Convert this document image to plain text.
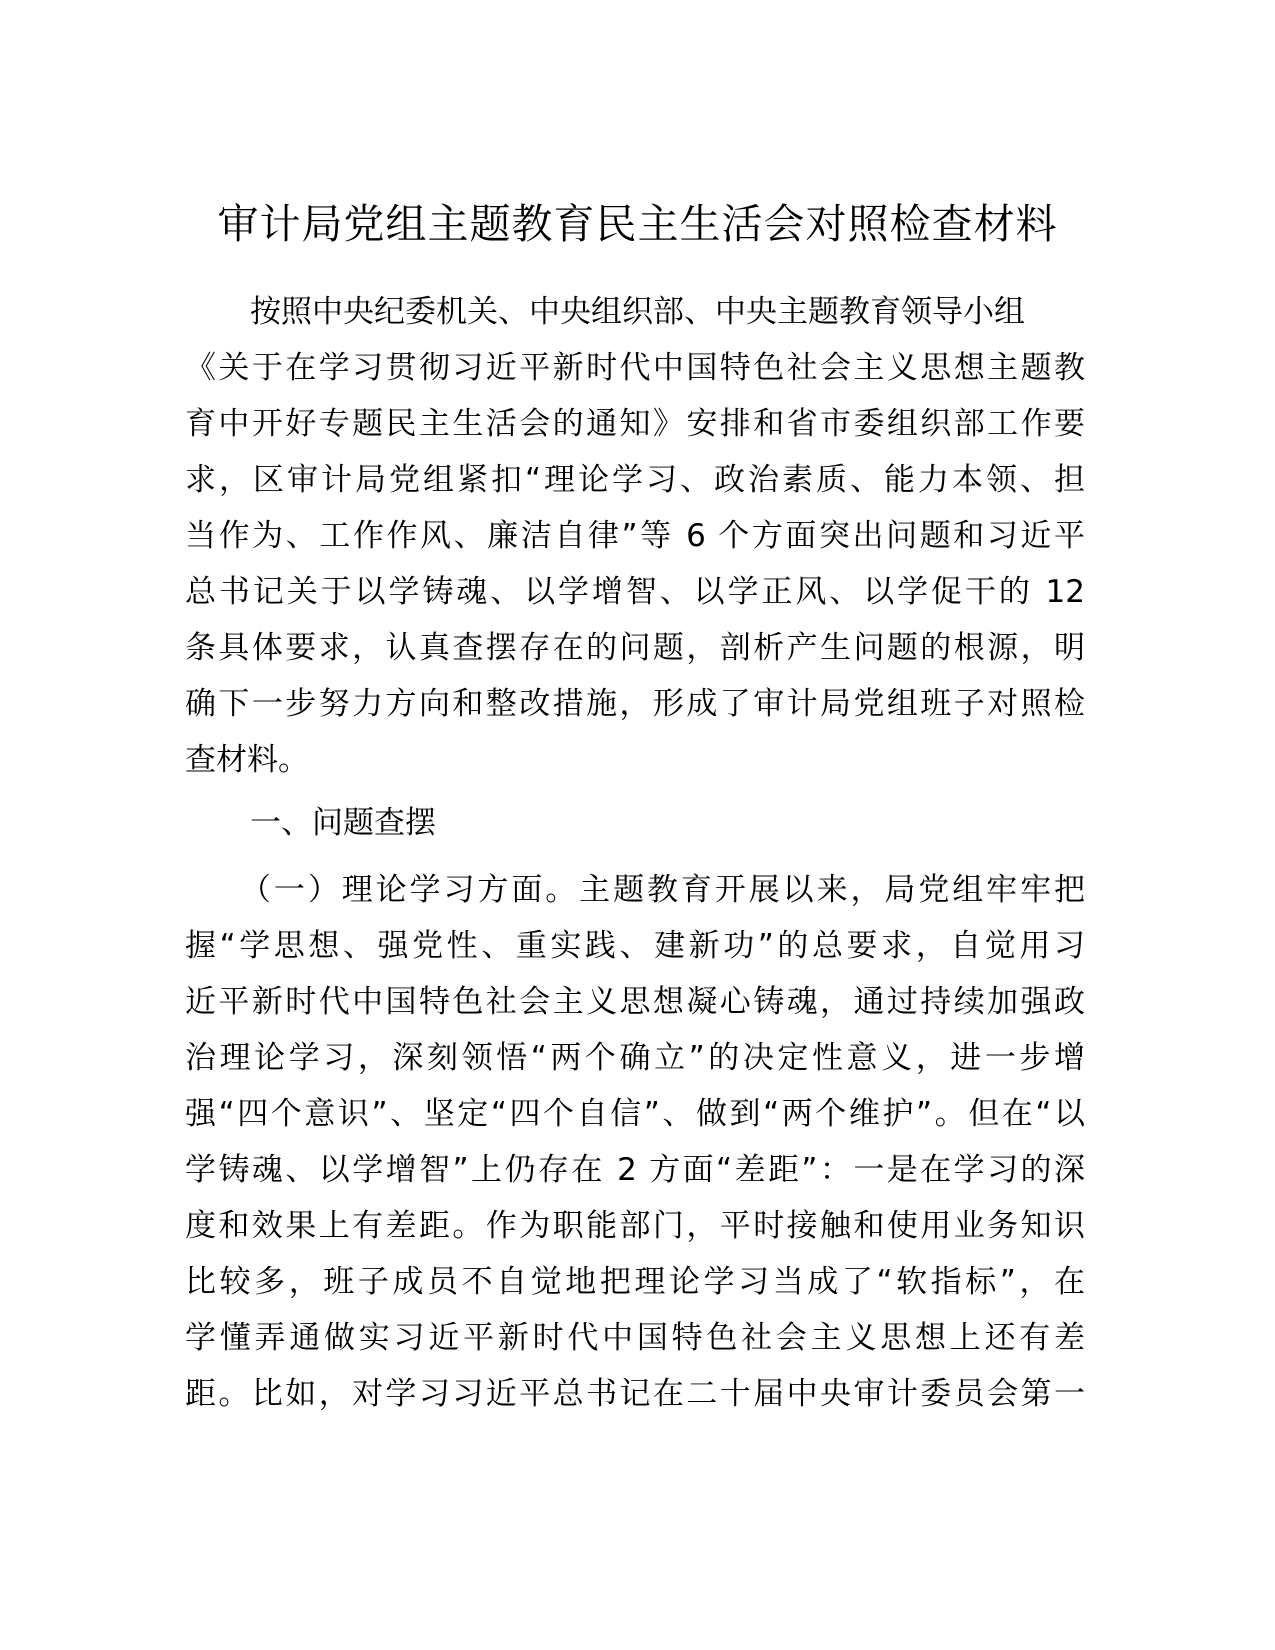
审计局党组主题教育民主生活会对照检查材料

按照中央纪委机关、中央组织部、中央主题教育领导小组

《关于在学习贯彻习近平新时代中国特色社会主义思想主题教

育中开好专题民主生活会的通知》安排和省市委组织部工作要

求，区审计局党组紧扣“理论学习、政治素质、能力本领、担

当作为、工作作风、廉洁自律”等 6 个方面突出问题和习近平

总书记关于以学铸魂、以学增智、以学正风、以学促干的 12

条具体要求，认真查摆存在的问题，剖析产生问题的根源，明

确下一步努力方向和整改措施，形成了审计局党组班子对照检

查材料。

一、问题查摆

（一）理论学习方面。主题教育开展以来，局党组牢牢把

握“学思想、强党性、重实践、建新功”的总要求，自觉用习

近平新时代中国特色社会主义思想凝心铸魂，通过持续加强政

治理论学习，深刻领悟“两个确立”的决定性意义，进一步增

强“四个意识”、坚定“四个自信”、做到“两个维护”。但在“以

学铸魂、以学增智”上仍存在 2 方面“差距”：一是在学习的深

度和效果上有差距。作为职能部门，平时接触和使用业务知识

比较多，班子成员不自觉地把理论学习当成了“软指标”，在

学懂弄通做实习近平新时代中国特色社会主义思想上还有差

距。比如，对学习习近平总书记在二十届中央审计委员会第一
